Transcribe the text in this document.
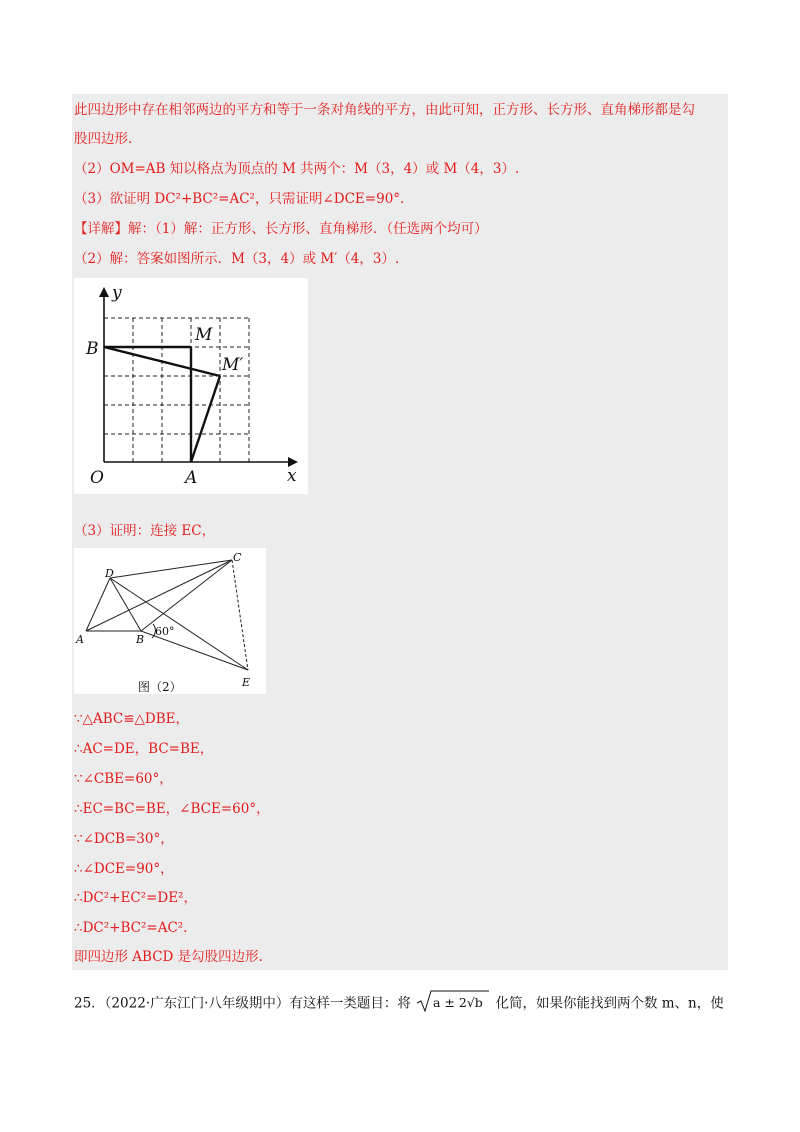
此四边形中存在相邻两边的平方和等于一条对角线的平方，由此可知，正方形、长方形、直角梯形都是勾
股四边形.
（2）OM=AB 知以格点为顶点的 M 共两个：M（3，4）或 M（4，3）.
（3）欲证明 DC²+BC²=AC²，只需证明∠DCE=90°.
【详解】解：（1）解：正方形、长方形、直角梯形．（任选两个均可）
（2）解：答案如图所示．M（3，4）或 M′（4，3）.
y
x
O	A
B
M
M′
（3）证明：连接 EC，
A	B
C
D
E
60°
图（2）
∵△ABC≌△DBE，
∴AC=DE，BC=BE，
∵∠CBE=60°，
∴EC=BC=BE，∠BCE=60°，
∵∠DCB=30°，
∴∠DCE=90°，
∴DC²+EC²=DE²，
∴DC²+BC²=AC².
即四边形 ABCD 是勾股四边形.
25．（2022·广东江门·八年级期中）有这样一类题目：将 a ± 2√b 化简，如果你能找到两个数 m、n，使
